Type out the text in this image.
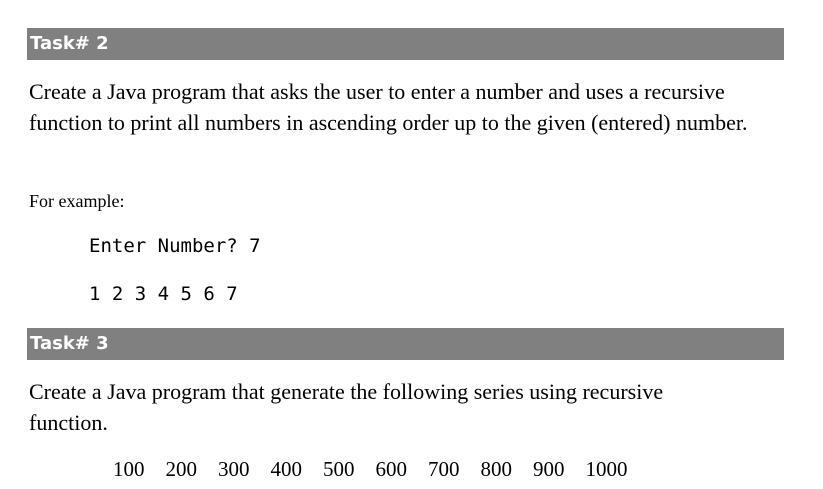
Task# 2

Create a Java program that asks the user to enter a number and uses a recursive function to print all numbers in ascending order up to the given (entered) number.

For example:
Enter Number? 7
1 2 3 4 5 6 7
Task# 3

Create a Java program that generate the following series using recursive function.

100 200 300 400 500 600 700 800 900 1000
